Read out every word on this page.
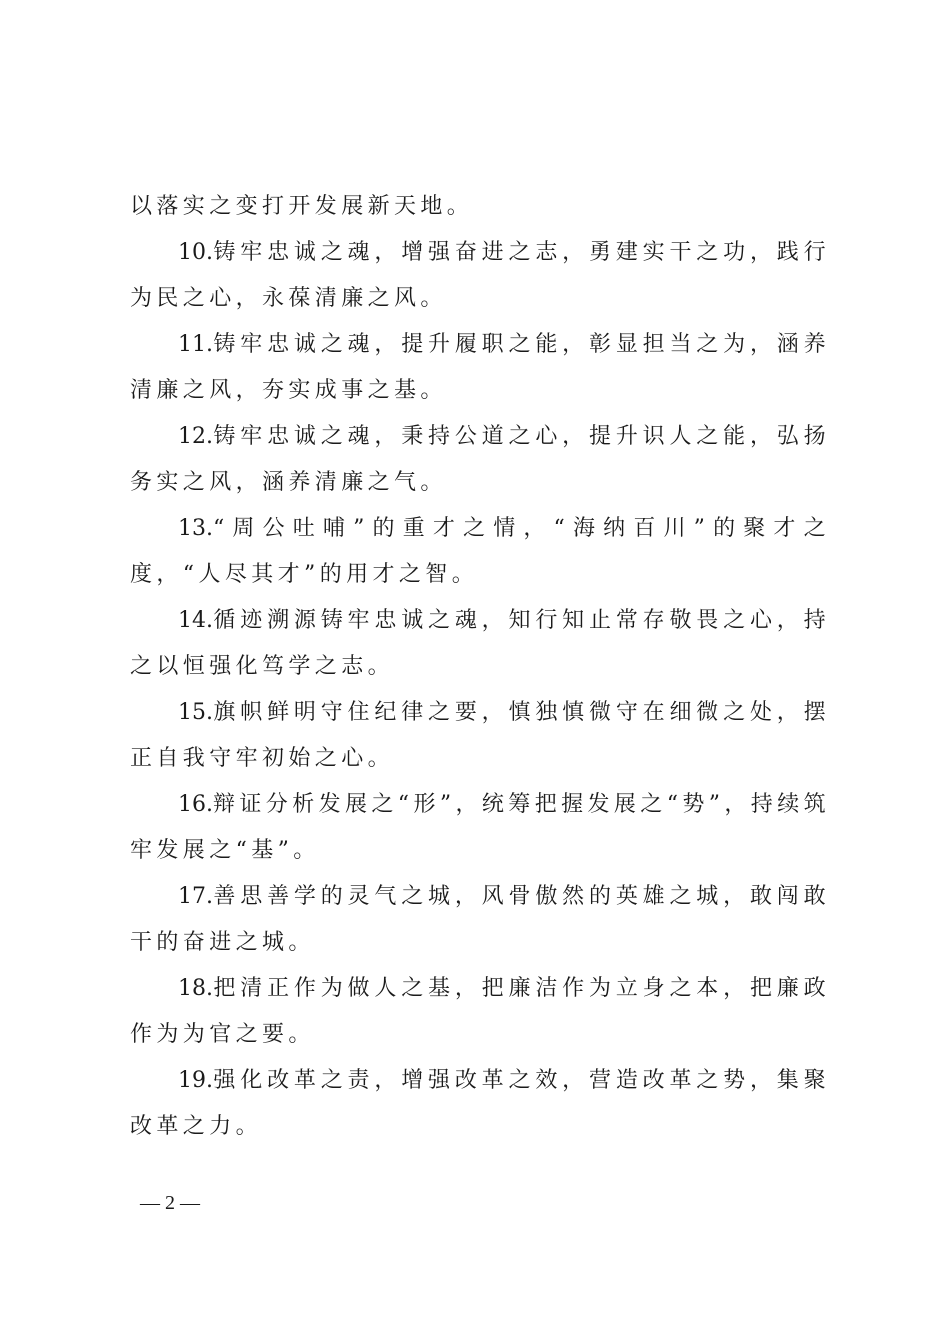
以落实之变打开发展新天地。

10.铸牢忠诚之魂，增强奋进之志，勇建实干之功，践行为民之心，永葆清廉之风。

11.铸牢忠诚之魂，提升履职之能，彰显担当之为，涵养清廉之风，夯实成事之基。

12.铸牢忠诚之魂，秉持公道之心，提升识人之能，弘扬务实之风，涵养清廉之气。

13.“周公吐哺”的重才之情，“海纳百川”的聚才之度，“人尽其才”的用才之智。

14.循迹溯源铸牢忠诚之魂，知行知止常存敬畏之心，持之以恒强化笃学之志。

15.旗帜鲜明守住纪律之要，慎独慎微守在细微之处，摆正自我守牢初始之心。

16.辩证分析发展之“形”，统筹把握发展之“势”，持续筑牢发展之“基”。

17.善思善学的灵气之城，风骨傲然的英雄之城，敢闯敢干的奋进之城。

18.把清正作为做人之基，把廉洁作为立身之本，把廉政作为为官之要。

19.强化改革之责，增强改革之效，营造改革之势，集聚改革之力。

— 2 —
